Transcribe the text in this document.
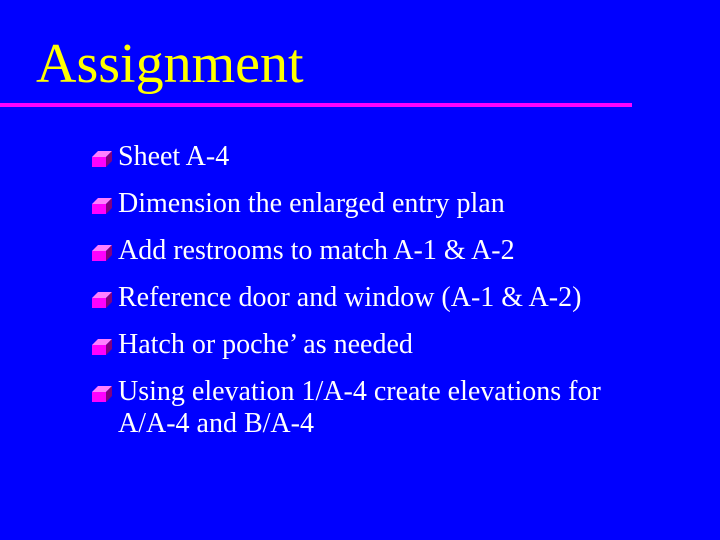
Assignment
Sheet A-4
Dimension the enlarged entry plan
Add restrooms to match A-1 & A-2
Reference door and window (A-1 & A-2)
Hatch or poche’ as needed
Using elevation 1/A-4 create elevations for
A/A-4 and B/A-4
